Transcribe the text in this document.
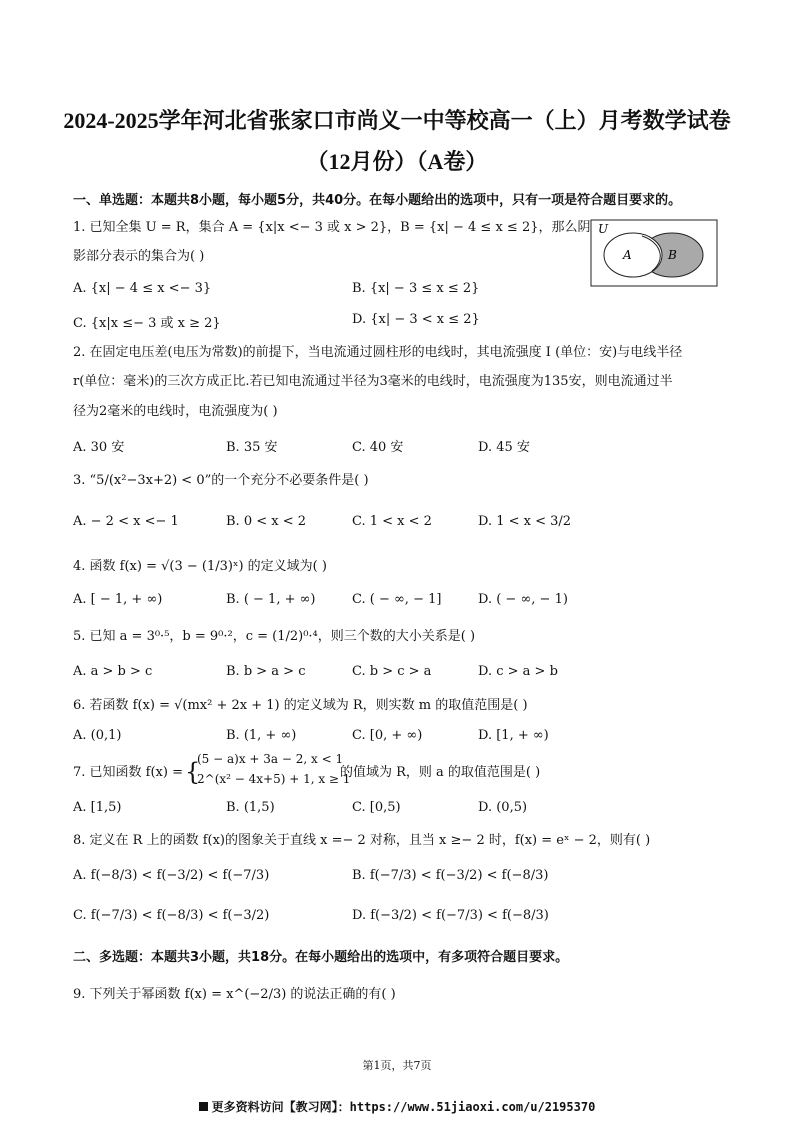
2024-2025学年河北省张家口市尚义一中等校高一（上）月考数学试卷
（12月份）（A卷）
一、单选题：本题共8小题，每小题5分，共40分。在每小题给出的选项中，只有一项是符合题目要求的。
1. 已知全集 U = R，集合 A = {x|x <− 3 或 x > 2}，B = {x| − 4 ≤ x ≤ 2}，那么阴
影部分表示的集合为( )
U
A	B
A. {x| − 4 ≤ x <− 3}	B. {x| − 3 ≤ x ≤ 2}
C. {x|x ≤− 3 或 x ≥ 2}	D. {x| − 3 < x ≤ 2}
2. 在固定电压差(电压为常数)的前提下，当电流通过圆柱形的电线时，其电流强度 I (单位：安)与电线半径
r(单位：毫米)的三次方成正比.若已知电流通过半径为3毫米的电线时，电流强度为135安，则电流通过半
径为2毫米的电线时，电流强度为( )
A. 30 安	B. 35 安	C. 40 安	D. 45 安
3. “5/(x²−3x+2) < 0”的一个充分不必要条件是( )
A. − 2 < x <− 1	B. 0 < x < 2	C. 1 < x < 2	D. 1 < x < 3/2
4. 函数 f(x) = √(3 − (1/3)ˣ) 的定义域为( )
A. [ − 1, + ∞)	B. ( − 1, + ∞)	C. ( − ∞, − 1]	D. ( − ∞, − 1)
5. 已知 a = 3⁰·⁵，b = 9⁰·²，c = (1/2)⁰·⁴，则三个数的大小关系是( )
A. a > b > c	B. b > a > c	C. b > c > a	D. c > a > b
6. 若函数 f(x) = √(mx² + 2x + 1) 的定义域为 R，则实数 m 的取值范围是( )
A. (0,1)	B. (1, + ∞)	C. [0, + ∞)	D. [1, + ∞)
7. 已知函数 f(x) = {
(5 − a)x + 3a − 2, x < 1
2^(x² − 4x+5) + 1, x ≥ 1
的值域为 R，则 a 的取值范围是( )
A. [1,5)	B. (1,5)	C. [0,5)	D. (0,5)
8. 定义在 R 上的函数 f(x)的图象关于直线 x =− 2 对称，且当 x ≥− 2 时，f(x) = eˣ − 2，则有( )
A. f(−8/3) < f(−3/2) < f(−7/3)	B. f(−7/3) < f(−3/2) < f(−8/3)
C. f(−7/3) < f(−8/3) < f(−3/2)	D. f(−3/2) < f(−7/3) < f(−8/3)
二、多选题：本题共3小题，共18分。在每小题给出的选项中，有多项符合题目要求。
9. 下列关于幂函数 f(x) = x^(−2/3) 的说法正确的有( )
第1页，共7页
更多资料访问【教习网】：https://www.51jiaoxi.com/u/2195370
